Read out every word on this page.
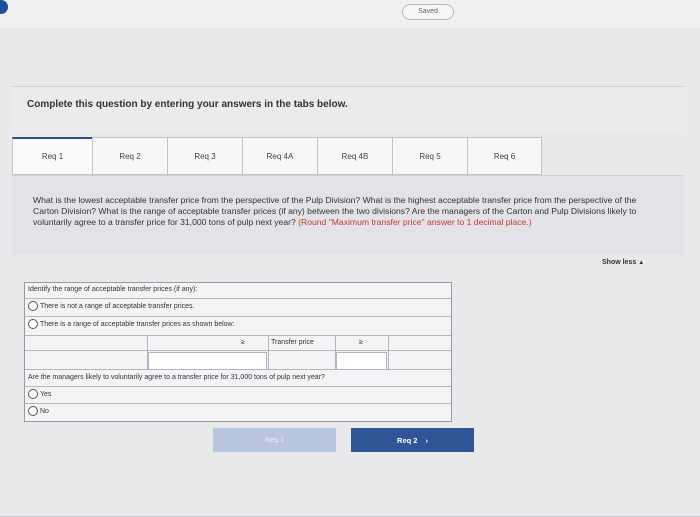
Saved
Complete this question by entering your answers in the tabs below.
Req 1	Req 2	Req 3	Req 4A	Req 4B	Req 5	Req 6
What is the lowest acceptable transfer price from the perspective of the Pulp Division? What is the highest acceptable transfer price from the perspective of the Carton Division? What is the range of acceptable transfer prices (if any) between the two divisions? Are the managers of the Carton and Pulp Divisions likely to voluntarily agree to a transfer price for 31,000 tons of pulp next year? (Round "Maximum transfer price" answer to 1 decimal place.)
Show less ▲
Identify the range of acceptable transfer prices (if any):
There is not a range of acceptable transfer prices.
There is a range of acceptable transfer prices as shown below:
≥	Transfer price	≥
Are the managers likely to voluntarily agree to a transfer price for 31,000 tons of pulp next year?
Yes
No
Req 1	Req 2 ›
